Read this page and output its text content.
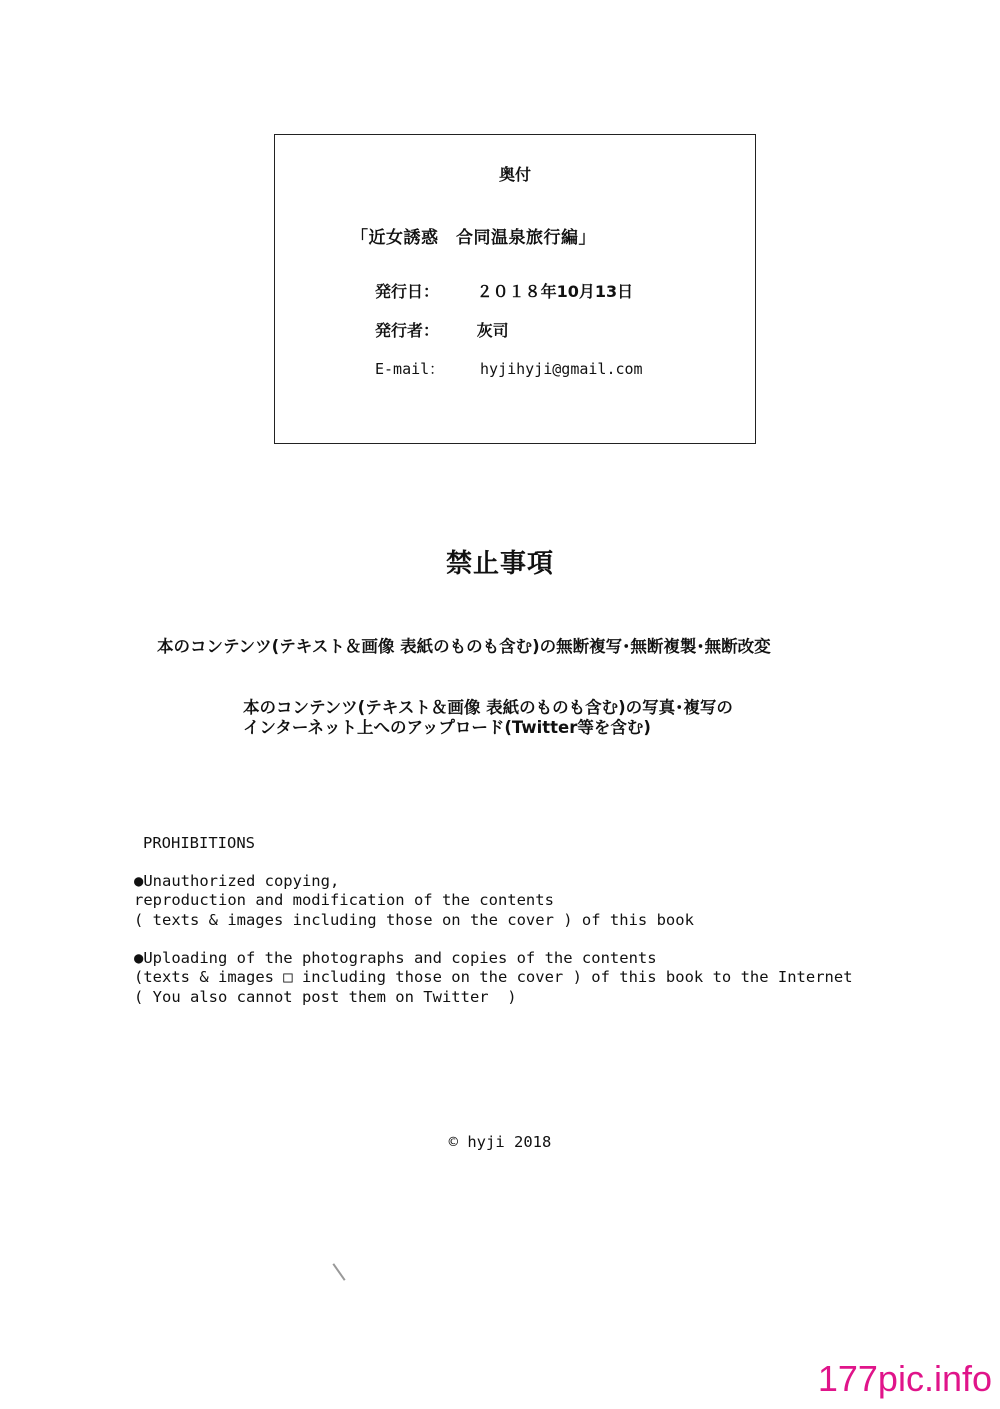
奥付
「近女誘惑　合同温泉旅行編」
発行日： ２０１８年10月13日
発行者： 灰司
E-mail： hyjihyji@gmail.com
禁止事項
本のコンテンツ(テキスト＆画像 表紙のものも含む)の無断複写･無断複製･無断改変
本のコンテンツ(テキスト＆画像 表紙のものも含む)の写真･複写の
インターネット上へのアップロード(Twitter等を含む)
PROHIBITIONS
●Unauthorized copying,
reproduction and modification of the contents
( texts & images including those on the cover ) of this book
●Uploading of the photographs and copies of the contents
(texts & images □ including those on the cover ) of this book to the Internet
( You also cannot post them on Twitter  )
© hyji 2018
177pic.info
